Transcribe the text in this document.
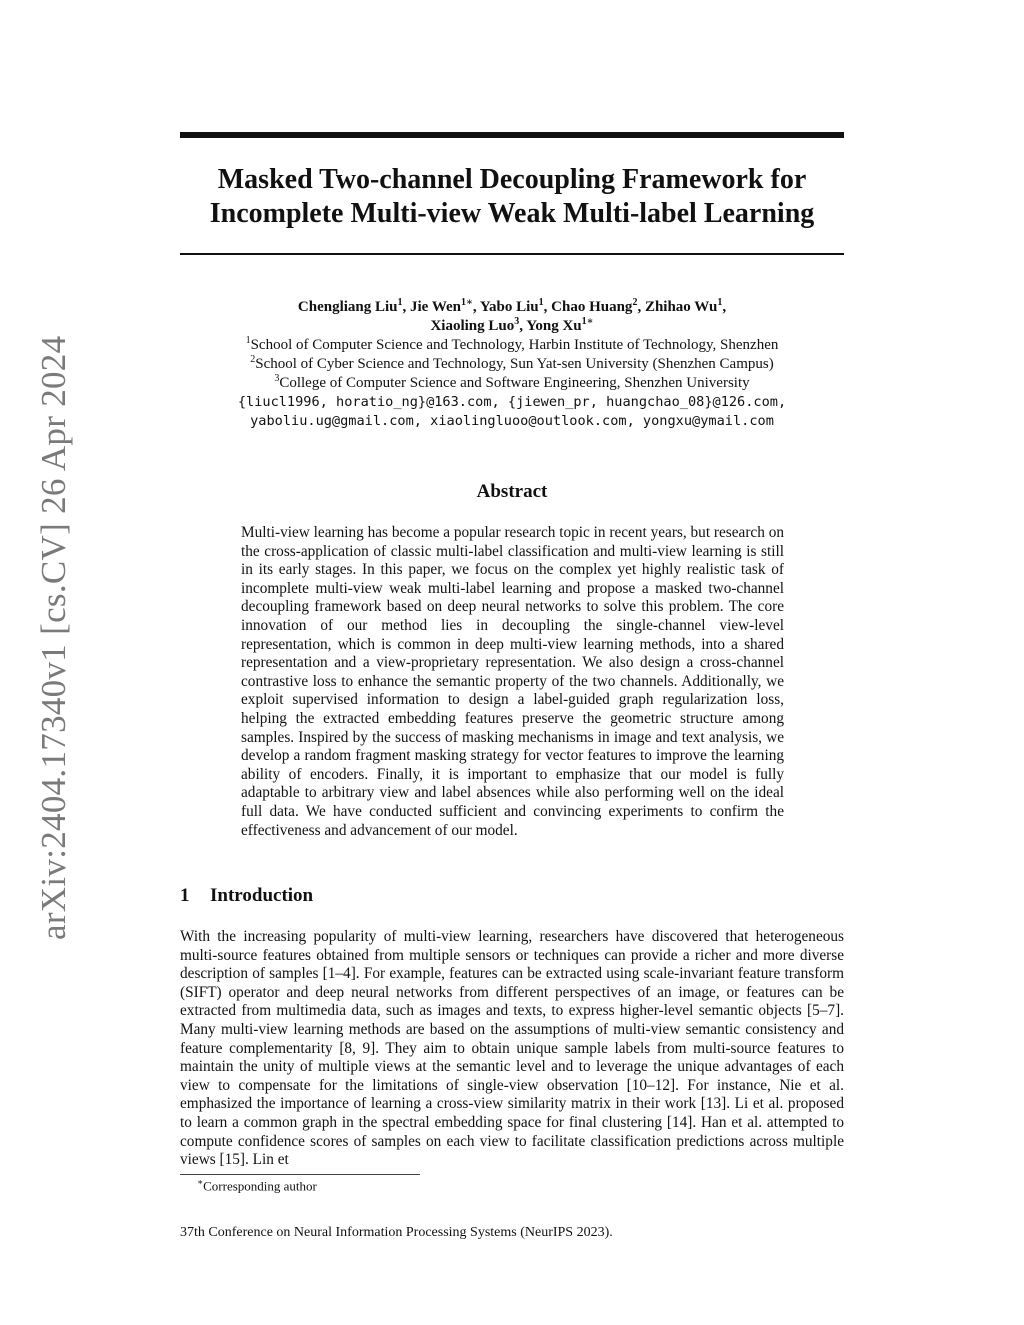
arXiv:2404.17340v1 [cs.CV] 26 Apr 2024
Masked Two-channel Decoupling Framework for
Incomplete Multi-view Weak Multi-label Learning
Chengliang Liu$^1$, Jie Wen$^{1∗}$, Yabo Liu$^1$, Chao Huang$^2$, Zhihao Wu$^1$,
Xiaoling Luo$^3$, Yong $Xu^{1∗}$
$^1$School of Computer Science and Technology, Harbin Institute of Technology, Shenzhen
$^2$School of Cyber Science and Technology, Sun Yat-sen University (Shenzhen Campus)
$^3$College of Computer Science and Software Engineering, Shenzhen University
{liucl1996, horatio_ng}@163.com, {jiewen_pr, huangchao_08}@126.com,
yaboliu.ug@gmail.com, xiaolingluoo@outlook.com, yongxu@ymail.com
Abstract
Multi-view learning has become a popular research topic in recent years, but research on the cross-application of classic multi-label classification and multi-view learning is still in its early stages. In this paper, we focus on the complex yet highly realistic task of incomplete multi-view weak multi-label learning and propose a masked two-channel decoupling framework based on deep neural networks to solve this problem. The core innovation of our method lies in decoupling the single-channel view-level representation, which is common in deep multi-view learning methods, into a shared representation and a view-proprietary representation. We also design a cross-channel contrastive loss to enhance the semantic property of the two channels. Additionally, we exploit supervised information to design a label-guided graph regularization loss, helping the extracted embedding features preserve the geometric structure among samples. Inspired by the success of masking mechanisms in image and text analysis, we develop a random fragment masking strategy for vector features to improve the learning ability of encoders. Finally, it is important to emphasize that our model is fully adaptable to arbitrary view and label absences while also performing well on the ideal full data. We have conducted sufficient and convincing experiments to confirm the effectiveness and advancement of our model.
1 Introduction
With the increasing popularity of multi-view learning, researchers have discovered that heterogeneous multi-source features obtained from multiple sensors or techniques can provide a richer and more diverse description of samples [1–4]. For example, features can be extracted using scale-invariant feature transform (SIFT) operator and deep neural networks from different perspectives of an image, or features can be extracted from multimedia data, such as images and texts, to express higher-level semantic objects [5–7]. Many multi-view learning methods are based on the assumptions of multi-view semantic consistency and feature complementarity [8, 9]. They aim to obtain unique sample labels from multi-source features to maintain the unity of multiple views at the semantic level and to leverage the unique advantages of each view to compensate for the limitations of single-view observation [10–12]. For instance, Nie et al. emphasized the importance of learning a cross-view similarity matrix in their work [13]. Li et al. proposed to learn a common graph in the spectral embedding space for final clustering [14]. Han et al. attempted to compute confidence scores of samples on each view to facilitate classification predictions across multiple views [15]. Lin et
∗Corresponding author
37th Conference on Neural Information Processing Systems (NeurIPS 2023).
